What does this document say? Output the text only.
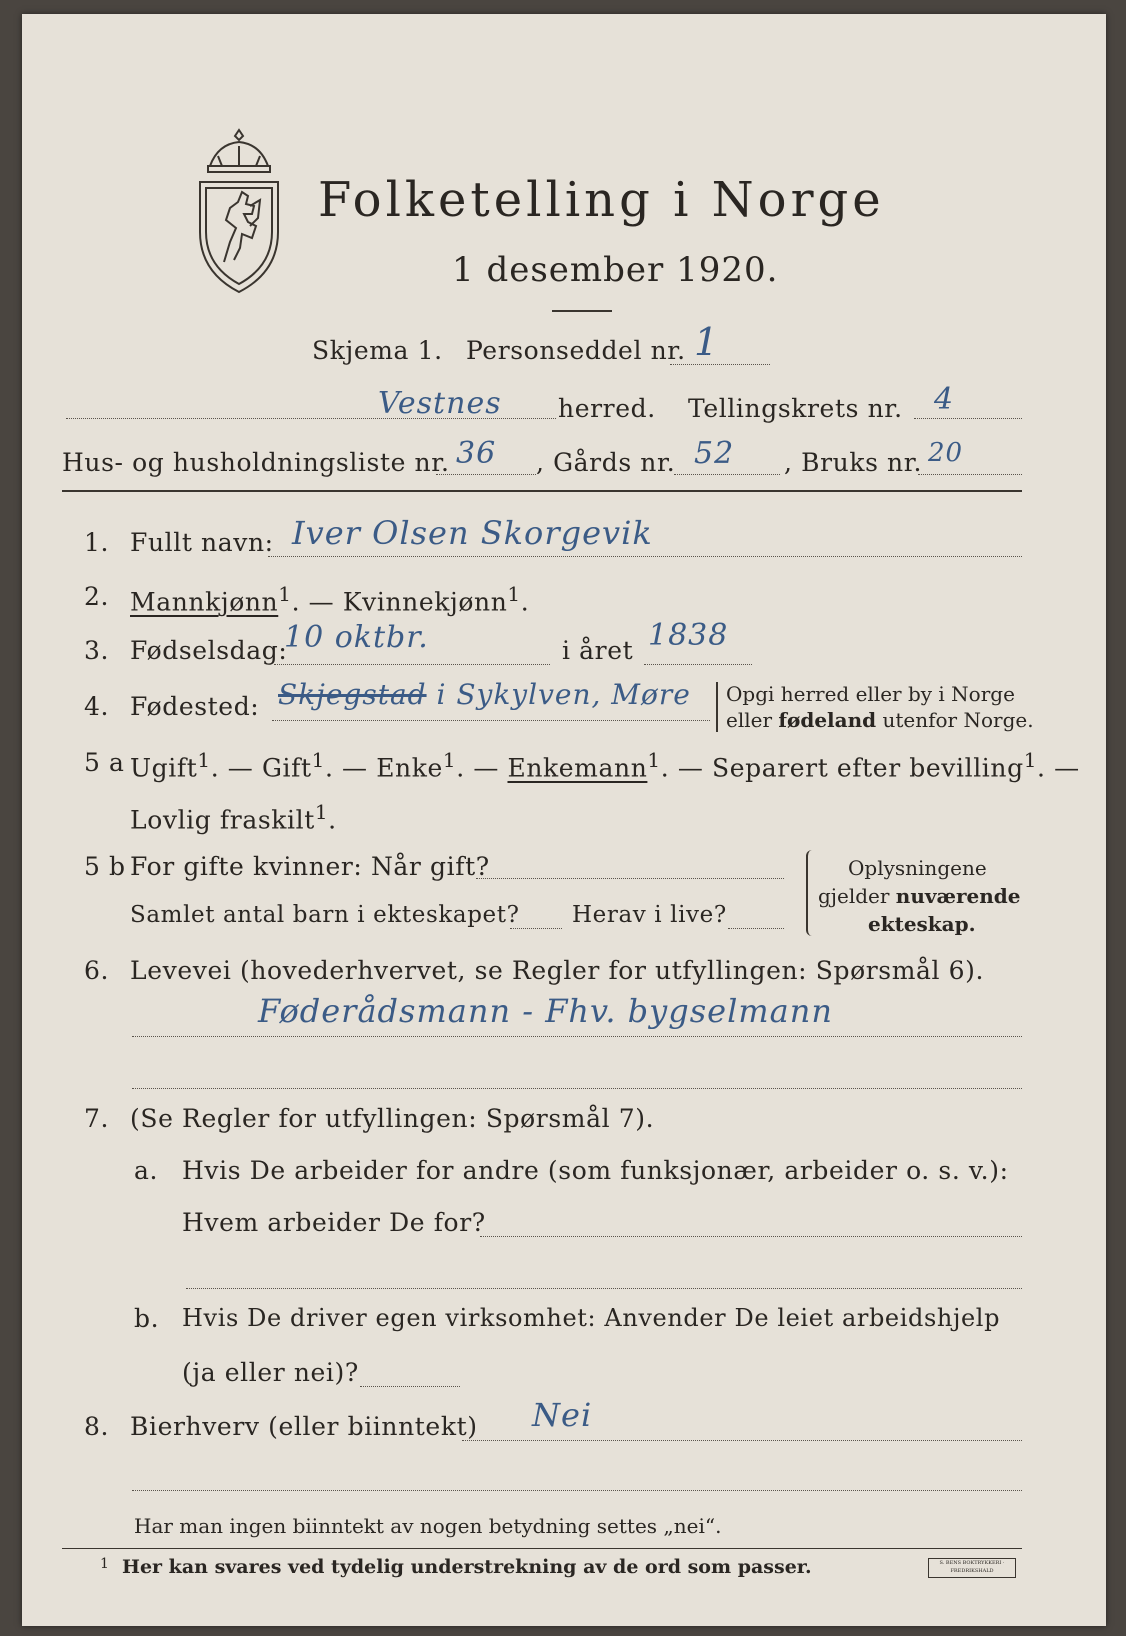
Folketelling i Norge
1 desember 1920.
Skjema 1. Personseddel nr. 1
Vestnes herred. Tellingskrets nr. 4
Hus- og husholdningsliste nr. 36 , Gårds nr. 52 , Bruks nr. 20
1. Fullt navn: Iver Olsen Skorgevik
2. Mannkjønn$^1$. — Kvinnekjønn$^1$.
3. Fødselsdag:
10 oktbr.	i året 1838
4. Fødested: Skjegstad i Sykylven, Møre Opgi herred eller by i Norge
eller fødeland utenfor Norge.
5 a Ugift$^1$. — Gift$^1$. — Enke$^1$. — Enkemann$^1$. — Separert efter bevilling$^1$. —
Lovlig fraskilt$^1$.
5 b For gifte kvinner: Når gift?
Samlet antal barn i ekteskapet? Herav i live?
Oplysningene
gjelder nuværende
ekteskap.
6. Levevei (hovederhvervet, se Regler for utfyllingen: Spørsmål 6).
Føderådsmann - Fhv. bygselmann
7. (Se Regler for utfyllingen: Spørsmål 7).
a. Hvis De arbeider for andre (som funksjonær, arbeider o. s. v.):
Hvem arbeider De for?
b. Hvis De driver egen virksomhet: Anvender De leiet arbeidshjelp
(ja eller nei)?
8. Bierhverv (eller biinntekt) Nei
Har man ingen biinntekt av nogen betydning settes „nei“.
1 Her kan svares ved tydelig understrekning av de ord som passer.	S. BENS BOKTRYKKERI · FREDRIKSHALD
